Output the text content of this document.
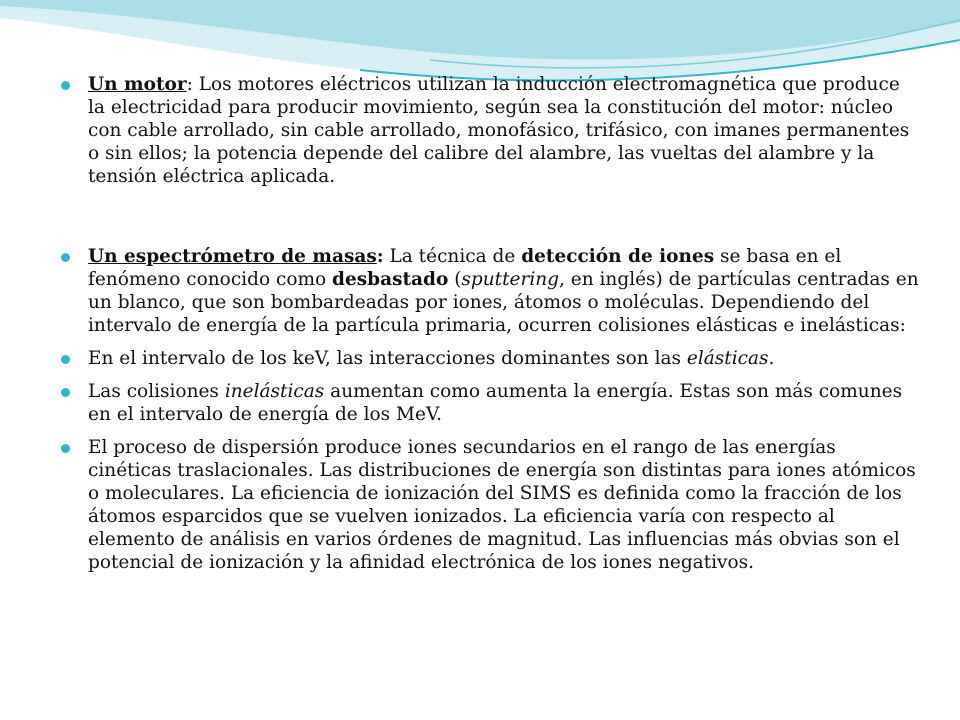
Un motor: Los motores eléctricos utilizan la inducción electromagnética que produce la electricidad para producir movimiento, según sea la constitución del motor: núcleo con cable arrollado, sin cable arrollado, monofásico, trifásico, con imanes permanentes o sin ellos; la potencia depende del calibre del alambre, las vueltas del alambre y la tensión eléctrica aplicada.
Un espectrómetro de masas: La técnica de detección de iones se basa en el fenómeno conocido como desbastado (sputtering, en inglés) de partículas centradas en un blanco, que son bombardeadas por iones, átomos o moléculas. Dependiendo del intervalo de energía de la partícula primaria, ocurren colisiones elásticas e inelásticas:
En el intervalo de los keV, las interacciones dominantes son las elásticas.
Las colisiones inelásticas aumentan como aumenta la energía. Estas son más comunes en el intervalo de energía de los MeV.
El proceso de dispersión produce iones secundarios en el rango de las energías cinéticas traslacionales. Las distribuciones de energía son distintas para iones atómicos o moleculares. La eficiencia de ionización del SIMS es definida como la fracción de los átomos esparcidos que se vuelven ionizados. La eficiencia varía con respecto al elemento de análisis en varios órdenes de magnitud. Las influencias más obvias son el potencial de ionización y la afinidad electrónica de los iones negativos.
